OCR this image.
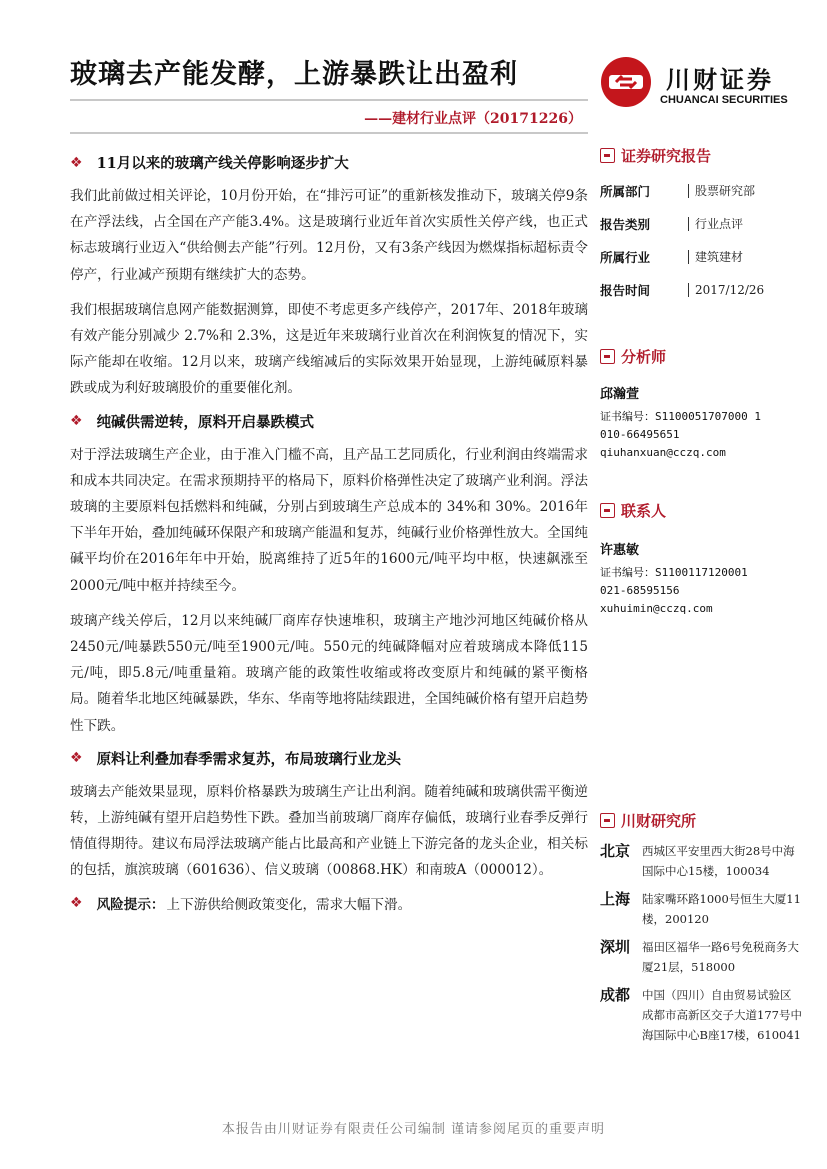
玻璃去产能发酵，上游暴跌让出盈利
——建材行业点评（20171226）
川财证券
CHUANCAI SECURITIES
❖ 11月以来的玻璃产线关停影响逐步扩大

我们此前做过相关评论，10月份开始，在“排污可证”的重新核发推动下，玻璃关停9条在产浮法线，占全国在产产能3.4%。这是玻璃行业近年首次实质性关停产线，也正式标志玻璃行业迈入“供给侧去产能”行列。12月份，又有3条产线因为燃煤指标超标责令停产，行业减产预期有继续扩大的态势。

我们根据玻璃信息网产能数据测算，即使不考虑更多产线停产，2017年、2018年玻璃有效产能分别减少 2.7%和 2.3%，这是近年来玻璃行业首次在利润恢复的情况下，实际产能却在收缩。12月以来，玻璃产线缩减后的实际效果开始显现，上游纯碱原料暴跌或成为利好玻璃股价的重要催化剂。

❖ 纯碱供需逆转，原料开启暴跌模式

对于浮法玻璃生产企业，由于准入门槛不高，且产品工艺同质化，行业利润由终端需求和成本共同决定。在需求预期持平的格局下，原料价格弹性决定了玻璃产业利润。浮法玻璃的主要原料包括燃料和纯碱，分别占到玻璃生产总成本的 34%和 30%。2016年下半年开始，叠加纯碱环保限产和玻璃产能温和复苏，纯碱行业价格弹性放大。全国纯碱平均价在2016年年中开始，脱离维持了近5年的1600元/吨平均中枢，快速飙涨至2000元/吨中枢并持续至今。

玻璃产线关停后，12月以来纯碱厂商库存快速堆积，玻璃主产地沙河地区纯碱价格从2450元/吨暴跌550元/吨至1900元/吨。550元的纯碱降幅对应着玻璃成本降低115元/吨，即5.8元/吨重量箱。玻璃产能的政策性收缩或将改变原片和纯碱的紧平衡格局。随着华北地区纯碱暴跌，华东、华南等地将陆续跟进，全国纯碱价格有望开启趋势性下跌。

❖ 原料让利叠加春季需求复苏，布局玻璃行业龙头

玻璃去产能效果显现，原料价格暴跌为玻璃生产让出利润。随着纯碱和玻璃供需平衡逆转，上游纯碱有望开启趋势性下跌。叠加当前玻璃厂商库存偏低，玻璃行业春季反弹行情值得期待。建议布局浮法玻璃产能占比最高和产业链上下游完备的龙头企业，相关标的包括，旗滨玻璃（601636）、信义玻璃（00868.HK）和南玻A（000012）。

❖ 风险提示： 上下游供给侧政策变化，需求大幅下滑。
证券研究报告
所属部门	股票研究部
报告类别	行业点评
所属行业	建筑建材
报告时间	2017/12/26
分析师
邱瀚萱
证书编号：S1100051707000 1
010-66495651
qiuhanxuan@cczq.com
联系人
许惠敏
证书编号：S1100117120001
021-68595156
xuhuimin@cczq.com
川财研究所
北京	西城区平安里西大街28号中海国际中心15楼，100034
上海	陆家嘴环路1000号恒生大厦11楼，200120
深圳	福田区福华一路6号免税商务大厦21层，518000
成都	中国（四川）自由贸易试验区成都市高新区交子大道177号中海国际中心B座17楼，610041
本报告由川财证券有限责任公司编制 谨请参阅尾页的重要声明
